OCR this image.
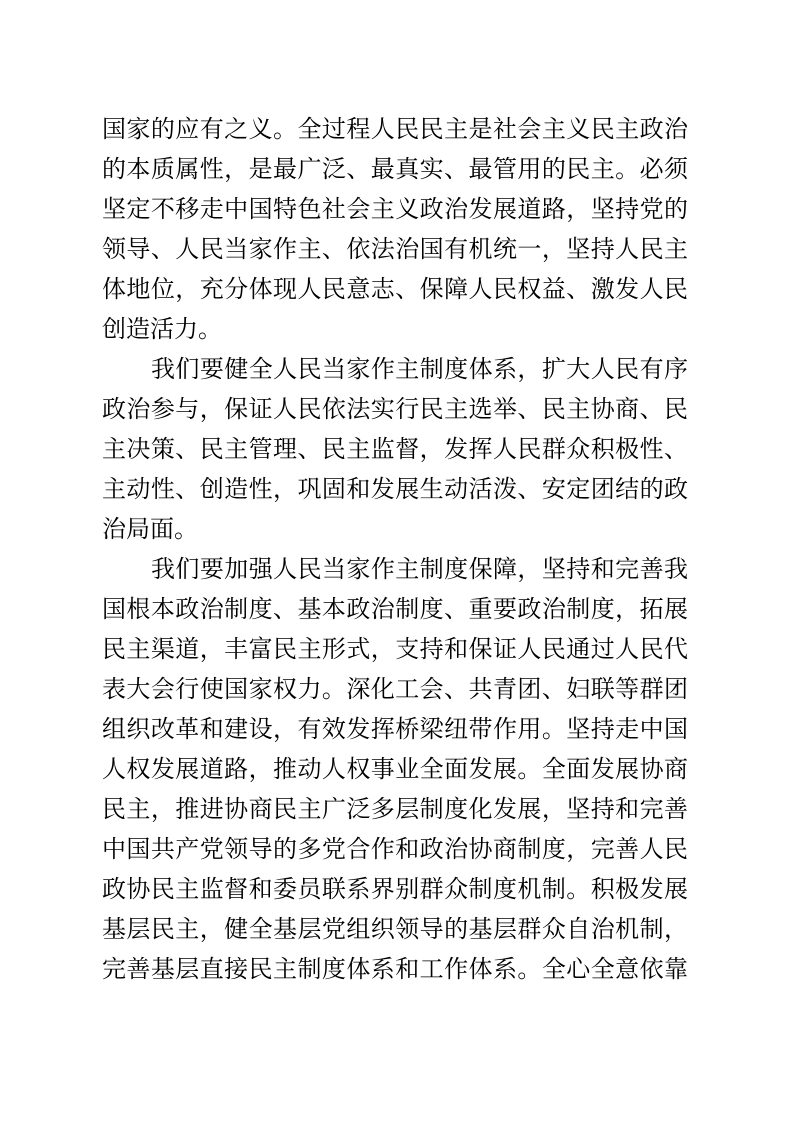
国家的应有之义。全过程人民民主是社会主义民主政治
的本质属性，是最广泛、最真实、最管用的民主。必须
坚定不移走中国特色社会主义政治发展道路，坚持党的
领导、人民当家作主、依法治国有机统一，坚持人民主
体地位，充分体现人民意志、保障人民权益、激发人民
创造活力。
我们要健全人民当家作主制度体系，扩大人民有序
政治参与，保证人民依法实行民主选举、民主协商、民
主决策、民主管理、民主监督，发挥人民群众积极性、
主动性、创造性，巩固和发展生动活泼、安定团结的政
治局面。
我们要加强人民当家作主制度保障，坚持和完善我
国根本政治制度、基本政治制度、重要政治制度，拓展
民主渠道，丰富民主形式，支持和保证人民通过人民代
表大会行使国家权力。深化工会、共青团、妇联等群团
组织改革和建设，有效发挥桥梁纽带作用。坚持走中国
人权发展道路，推动人权事业全面发展。全面发展协商
民主，推进协商民主广泛多层制度化发展，坚持和完善
中国共产党领导的多党合作和政治协商制度，完善人民
政协民主监督和委员联系界别群众制度机制。积极发展
基层民主，健全基层党组织领导的基层群众自治机制，
完善基层直接民主制度体系和工作体系。全心全意依靠
